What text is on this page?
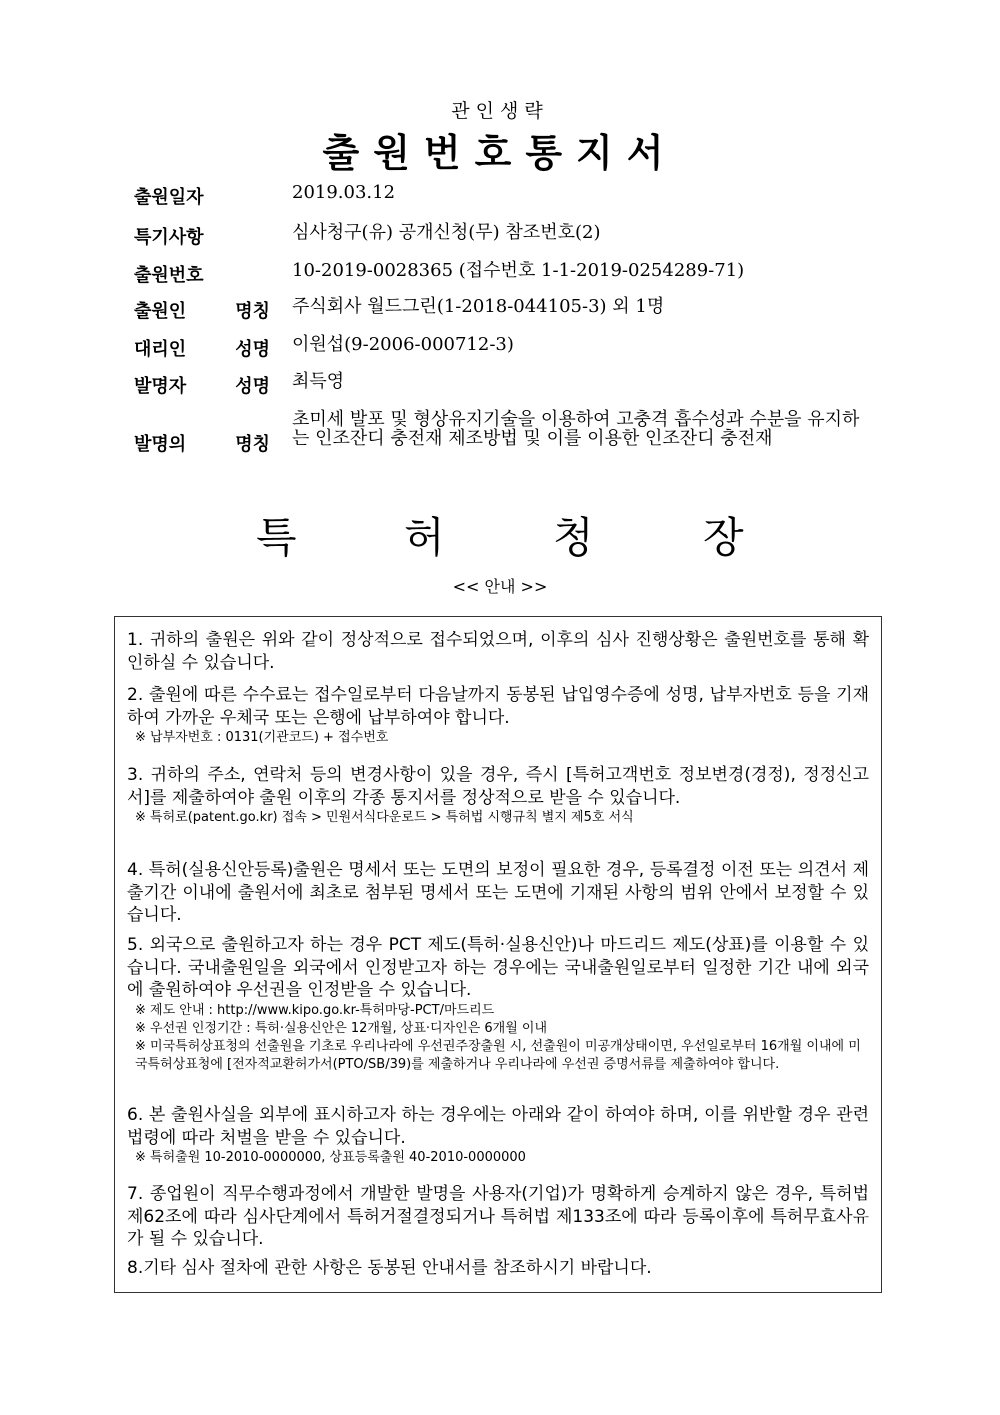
관인생략
출원번호통지서
출원일자	2019.03.12
특기사항	심사청구(유) 공개신청(무) 참조번호(2)
출원번호	10-2019-0028365 (접수번호 1-1-2019-0254289-71)
출원인 명칭 주식회사 월드그린(1-2018-044105-3) 외 1명
대리인 성명 이원섭(9-2006-000712-3)
발명자 성명 최득영
발명의 명칭
초미세 발포 및 형상유지기술을 이용하여 고충격 흡수성과 수분을 유지하는 인조잔디 충전재 제조방법 및 이를 이용한 인조잔디 충전재
특	허	청	장
<< 안내 >>

1. 귀하의 출원은 위와 같이 정상적으로 접수되었으며, 이후의 심사 진행상황은 출원번호를 통해 확인하실 수 있습니다.

2. 출원에 따른 수수료는 접수일로부터 다음날까지 동봉된 납입영수증에 성명, 납부자번호 등을 기재하여 가까운 우체국 또는 은행에 납부하여야 합니다.

※ 납부자번호 : 0131(기관코드) + 접수번호

3. 귀하의 주소, 연락처 등의 변경사항이 있을 경우, 즉시 [특허고객번호 정보변경(경정), 정정신고서]를 제출하여야 출원 이후의 각종 통지서를 정상적으로 받을 수 있습니다.

※ 특허로(patent.go.kr) 접속 > 민원서식다운로드 > 특허법 시행규칙 별지 제5호 서식

4. 특허(실용신안등록)출원은 명세서 또는 도면의 보정이 필요한 경우, 등록결정 이전 또는 의견서 제출기간 이내에 출원서에 최초로 첨부된 명세서 또는 도면에 기재된 사항의 범위 안에서 보정할 수 있습니다.

5. 외국으로 출원하고자 하는 경우 PCT 제도(특허·실용신안)나 마드리드 제도(상표)를 이용할 수 있습니다. 국내출원일을 외국에서 인정받고자 하는 경우에는 국내출원일로부터 일정한 기간 내에 외국에 출원하여야 우선권을 인정받을 수 있습니다.

※ 제도 안내 : http://www.kipo.go.kr-특허마당-PCT/마드리드

※ 우선권 인정기간 : 특허·실용신안은 12개월, 상표·디자인은 6개월 이내

※ 미국특허상표청의 선출원을 기초로 우리나라에 우선권주장출원 시, 선출원이 미공개상태이면, 우선일로부터 16개월 이내에 미국특허상표청에 [전자적교환허가서(PTO/SB/39)를 제출하거나 우리나라에 우선권 증명서류를 제출하여야 합니다.

6. 본 출원사실을 외부에 표시하고자 하는 경우에는 아래와 같이 하여야 하며, 이를 위반할 경우 관련법령에 따라 처벌을 받을 수 있습니다.

※ 특허출원 10-2010-0000000, 상표등록출원 40-2010-0000000

7. 종업원이 직무수행과정에서 개발한 발명을 사용자(기업)가 명확하게 승계하지 않은 경우, 특허법 제62조에 따라 심사단계에서 특허거절결정되거나 특허법 제133조에 따라 등록이후에 특허무효사유가 될 수 있습니다.

8.기타 심사 절차에 관한 사항은 동봉된 안내서를 참조하시기 바랍니다.
